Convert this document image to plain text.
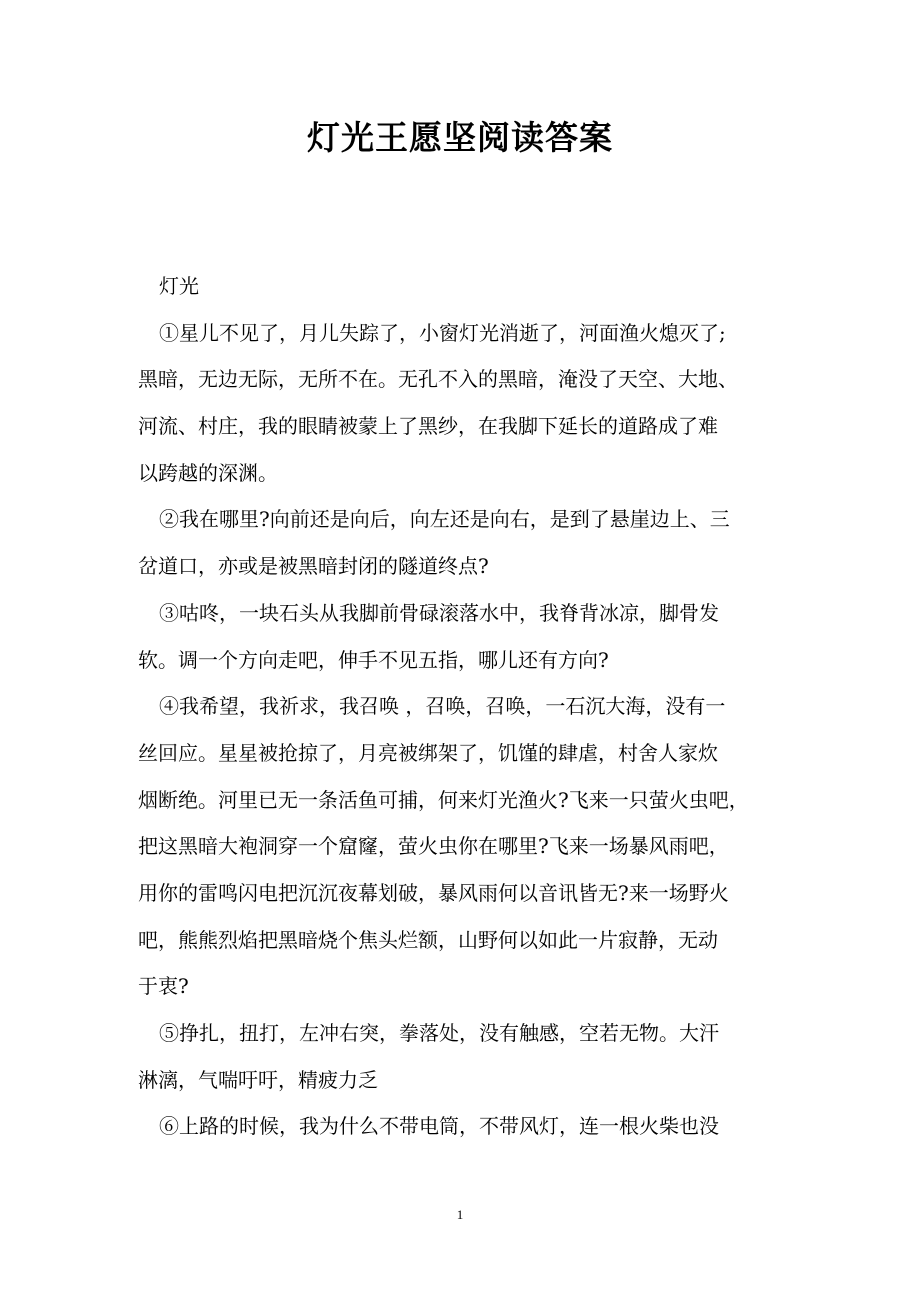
灯光王愿坚阅读答案
灯光
①星儿不见了，月儿失踪了，小窗灯光消逝了，河面渔火熄灭了;
黑暗，无边无际，无所不在。无孔不入的黑暗，淹没了天空、大地、
河流、村庄，我的眼睛被蒙上了黑纱，在我脚下延长的道路成了难
以跨越的深渊。
②我在哪里?向前还是向后，向左还是向右，是到了悬崖边上、三
岔道口，亦或是被黑暗封闭的隧道终点?
③咕咚，一块石头从我脚前骨碌滚落水中，我脊背冰凉，脚骨发
软。调一个方向走吧，伸手不见五指，哪儿还有方向?
④我希望，我祈求，我召唤 ，召唤，召唤，一石沉大海，没有一
丝回应。星星被抢掠了，月亮被绑架了，饥馑的肆虐，村舍人家炊
烟断绝。河里已无一条活鱼可捕，何来灯光渔火?飞来一只萤火虫吧，
把这黑暗大袍洞穿一个窟窿，萤火虫你在哪里?飞来一场暴风雨吧，
用你的雷鸣闪电把沉沉夜幕划破，暴风雨何以音讯皆无?来一场野火
吧，熊熊烈焰把黑暗烧个焦头烂额，山野何以如此一片寂静，无动
于衷?
⑤挣扎，扭打，左冲右突，拳落处，没有触感，空若无物。大汗
淋漓，气喘吁吁，精疲力乏
⑥上路的时候，我为什么不带电筒，不带风灯，连一根火柴也没
1
